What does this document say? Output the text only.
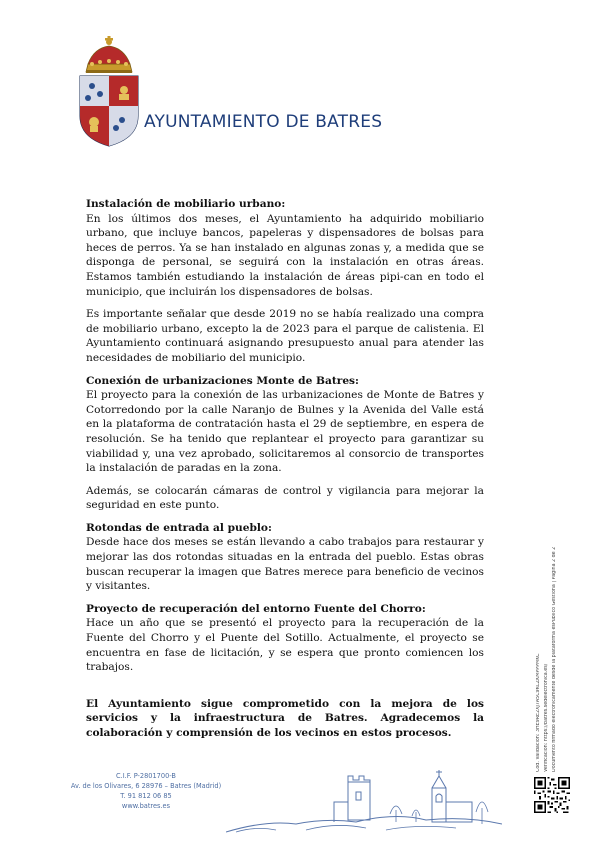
AYUNTAMIENTO DE BATRES

Instalación de mobiliario urbano:

En los últimos dos meses, el Ayuntamiento ha adquirido mobiliario urbano, que incluye bancos, papeleras y dispensadores de bolsas para heces de perros. Ya se han instalado en algunas zonas y, a medida que se disponga de personal, se seguirá con la instalación en otras áreas. Estamos también estudiando la instalación de áreas pipi-can en todo el municipio, que incluirán los dispensadores de bolsas.

Es importante señalar que desde 2019 no se había realizado una compra de mobiliario urbano, excepto la de 2023 para el parque de calistenia. El Ayuntamiento continuará asignando presupuesto anual para atender las necesidades de mobiliario del municipio.

Conexión de urbanizaciones Monte de Batres:

El proyecto para la conexión de las urbanizaciones de Monte de Batres y Cotorredondo por la calle Naranjo de Bulnes y la Avenida del Valle está en la plataforma de contratación hasta el 29 de septiembre, en espera de resolución. Se ha tenido que replantear el proyecto para garantizar su viabilidad y, una vez aprobado, solicitaremos al consorcio de transportes la instalación de paradas en la zona.

Además, se colocarán cámaras de control y vigilancia para mejorar la seguridad en este punto.

Rotondas de entrada al pueblo:

Desde hace dos meses se están llevando a cabo trabajos para restaurar y mejorar las dos rotondas situadas en la entrada del pueblo. Estas obras buscan recuperar la imagen que Batres merece para beneficio de vecinos y visitantes.

Proyecto de recuperación del entorno Fuente del Chorro:

Hace un año que se presentó el proyecto para la recuperación de la Fuente del Chorro y el Puente del Sotillo. Actualmente, el proyecto se encuentra en fase de licitación, y se espera que pronto comiencen los trabajos.

El Ayuntamiento sigue comprometido con la mejora de los servicios y la infraestructura de Batres. Agradecemos la colaboración y comprensión de los vecinos en estos procesos.

C.I.F. P-2801700-B
Av. de los Olivares, 6 28976 – Batres (Madrid)
T. 91 812 06 85
www.batres.es
Cód. Validación: 3HE9RE2XJ7A5C9KCZKMPPPMKC Verificación: https://batres.sedelectronica.es/ Documento firmado electrónicamente desde la plataforma esPublico Gestiona | Página 2 de 2
